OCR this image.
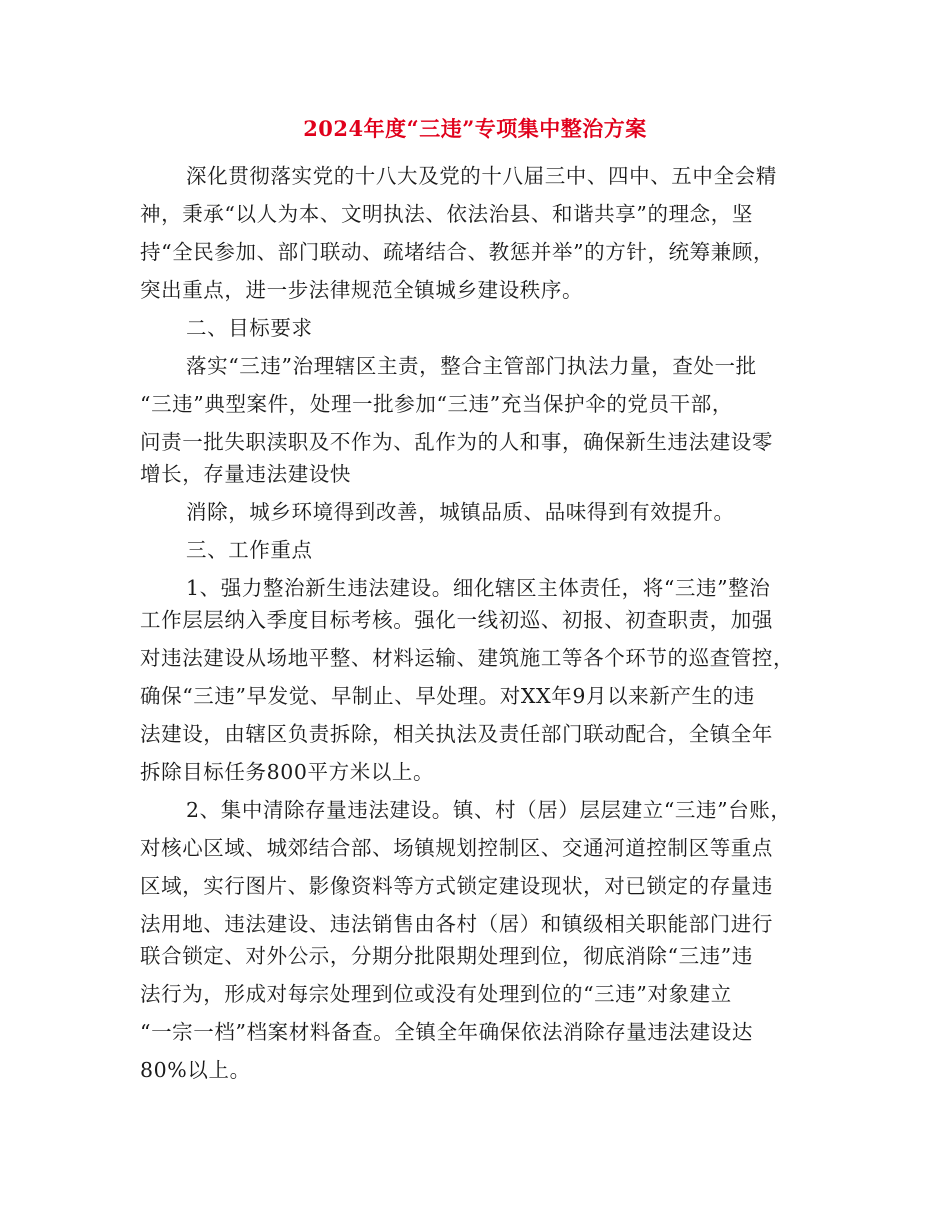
2024年度“三违”专项集中整治方案
深化贯彻落实党的十八大及党的十八届三中、四中、五中全会精
神，秉承“以人为本、文明执法、依法治县、和谐共享”的理念，坚
持“全民参加、部门联动、疏堵结合、教惩并举”的方针，统筹兼顾，
突出重点，进一步法律规范全镇城乡建设秩序。
二、目标要求
落实“三违”治理辖区主责，整合主管部门执法力量，查处一批
“三违”典型案件，处理一批参加“三违”充当保护伞的党员干部，
问责一批失职渎职及不作为、乱作为的人和事，确保新生违法建设零
增长，存量违法建设快
消除，城乡环境得到改善，城镇品质、品味得到有效提升。
三、工作重点
1、强力整治新生违法建设。细化辖区主体责任，将“三违”整治
工作层层纳入季度目标考核。强化一线初巡、初报、初查职责，加强
对违法建设从场地平整、材料运输、建筑施工等各个环节的巡查管控，
确保“三违”早发觉、早制止、早处理。对XX年9月以来新产生的违
法建设，由辖区负责拆除，相关执法及责任部门联动配合，全镇全年
拆除目标任务800平方米以上。
2、集中清除存量违法建设。镇、村（居）层层建立“三违”台账，
对核心区域、城郊结合部、场镇规划控制区、交通河道控制区等重点
区域，实行图片、影像资料等方式锁定建设现状，对已锁定的存量违
法用地、违法建设、违法销售由各村（居）和镇级相关职能部门进行
联合锁定、对外公示，分期分批限期处理到位，彻底消除“三违”违
法行为，形成对每宗处理到位或没有处理到位的“三违”对象建立
“一宗一档”档案材料备查。全镇全年确保依法消除存量违法建设达
80%以上。
